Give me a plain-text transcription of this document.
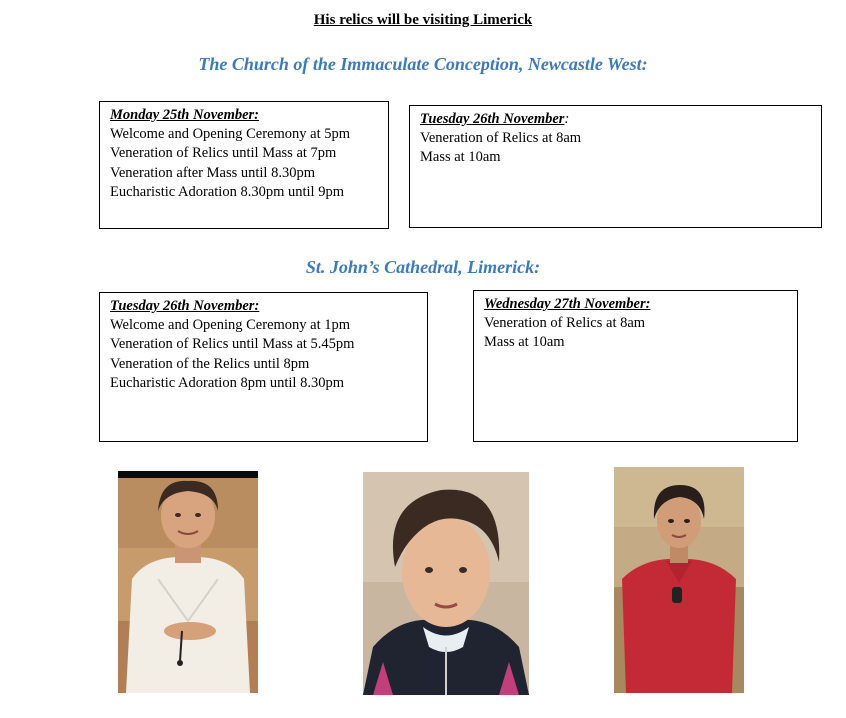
His relics will be visiting Limerick
The Church of the Immaculate Conception, Newcastle West:
Monday 25th November:
Welcome and Opening Ceremony at 5pm
Veneration of Relics until Mass at 7pm
Veneration after Mass until 8.30pm
Eucharistic Adoration 8.30pm until 9pm
Tuesday 26th November:
Veneration of Relics at 8am
Mass at 10am
St. John’s Cathedral, Limerick:
Tuesday 26th November:
Welcome and Opening Ceremony at 1pm
Veneration of Relics until Mass at 5.45pm
Veneration of the Relics until 8pm
Eucharistic Adoration 8pm until 8.30pm
Wednesday 27th November:
Veneration of Relics at 8am
Mass at 10am
